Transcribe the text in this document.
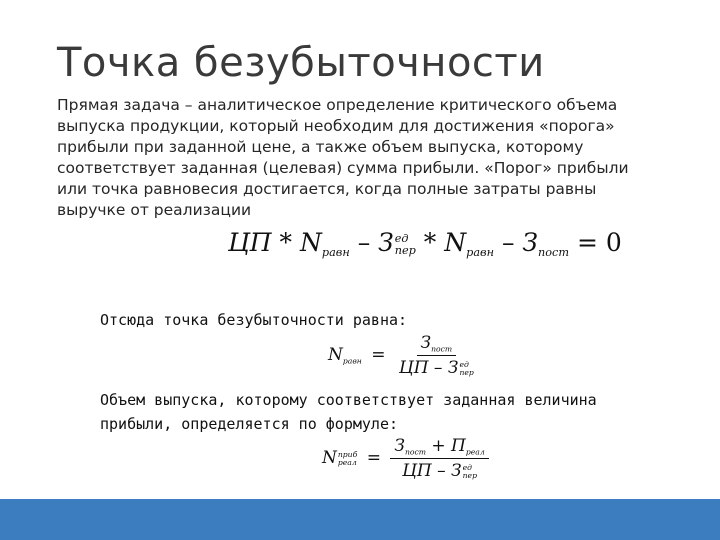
Точка безубыточности
Прямая задача – аналитическое определение критического объема
выпуска продукции, который необходим для достижения «порога»
прибыли при заданной цене, а также объем выпуска, которому
соответствует заданная (целевая) сумма прибыли. «Порог» прибыли
или точка равновесия достигается, когда полные затраты равны
выручке от реализации
ЦП * $N_{равн}$ – З ед
пер * $N_{равн} - З_{пост} = 0$
Отсюда точка безубыточности равна:
$N_{равн} = З_{пост}$
ЦП – З ед
пер
Объем выпуска, которому соответствует заданная величина
прибыли, определяется по формуле:
N приб
реал = $З_{пост} + П_{реал}$
ЦП – З ед
пер
